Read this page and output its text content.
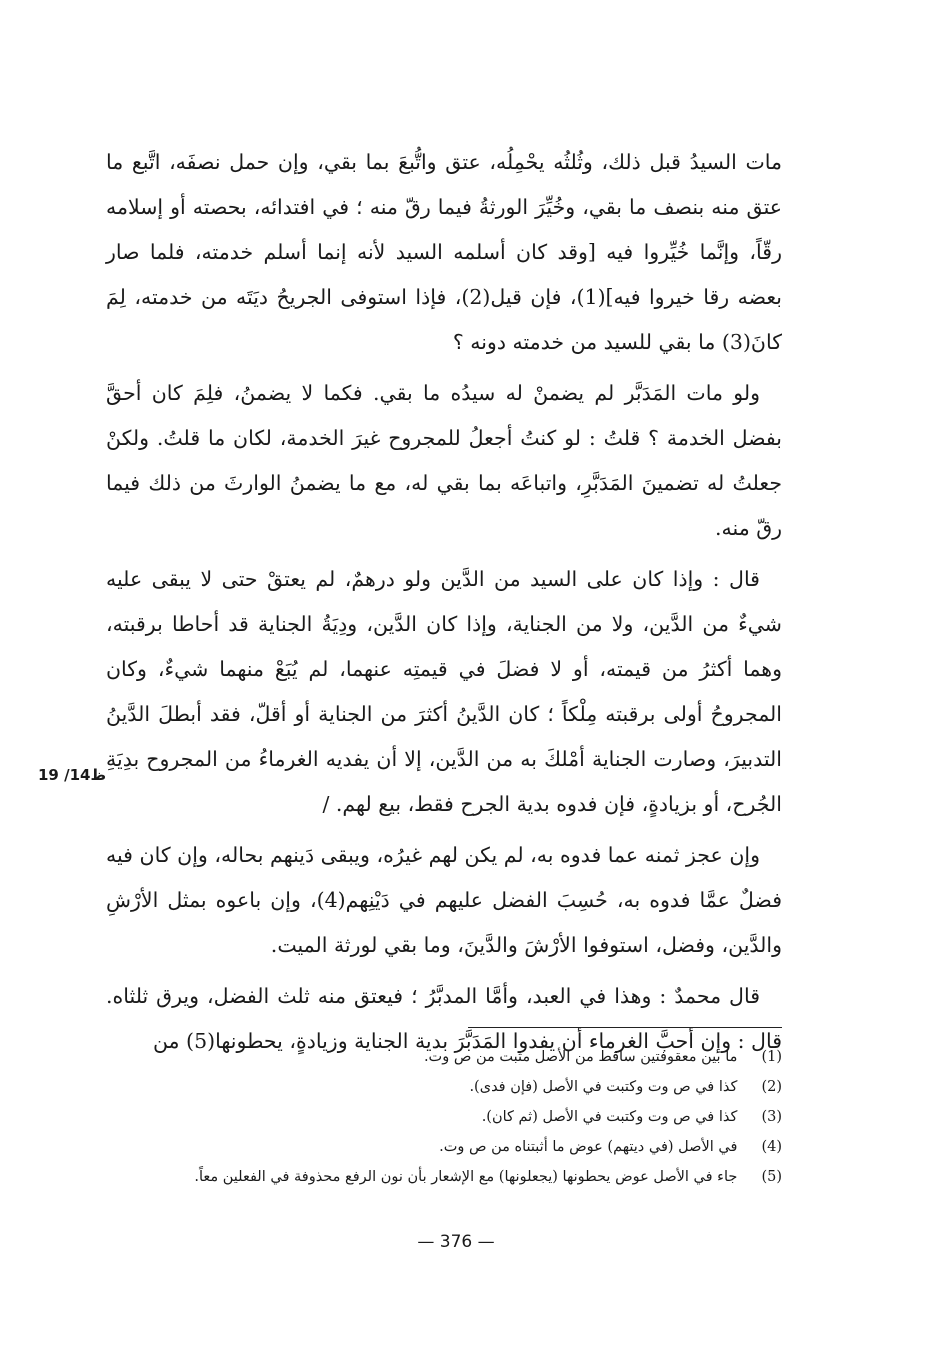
مات السيدُ قبل ذلك، وثُلثُه يحْمِلُه، عتق واتُّبعَ بما بقي، وإن حمل نصفَه، اتَّبع ما عتق منه بنصف ما بقي، وخُيِّرَ الورثةُ فيما رقّ منه ؛ في افتدائه، بحصته أو إسلامه رقّاً، وإنَّما خُيِّروا فيه [وقد كان أسلمه السيد لأنه إنما أسلم خدمته، فلما صار بعضه رقا خيروا فيه](1)، فإن قيل(2)، فإذا استوفى الجريحُ ديَتَه من خدمته، لِمَ كانَ(3) ما بقي للسيد من خدمته دونه ؟

ولو مات المَدَبَّر لم يضمنْ له سيدُه ما بقي. فكما لا يضمنُ، فلِمَ كان أحقَّ بفضل الخدمة ؟ قلتُ : لو كنتُ أجعلُ للمجروح غيرَ الخدمة، لكان ما قلتُ. ولكنْ جعلتُ له تضمينَ المَدَبَّرِ، واتباعَه بما بقي له، مع ما يضمنُ الوارثَ من ذلك فيما رقّ منه.

قال : وإذا كان على السيد من الدَّين ولو درهمٌ، لم يعتقْ حتى لا يبقى عليه شيءٌ من الدَّين، ولا من الجناية، وإذا كان الدَّين، ودِيَةُ الجناية قد أحاطا برقبته، وهما أكثرُ من قيمته، أو لا فضلَ في قيمتِه عنهما، لم يُبَعْ منهما شيءٌ، وكان المجروحُ أولى برقبته مِلْكاً ؛ كان الدَّينُ أكثرَ من الجناية أو أقلّ، فقد أبطلَ الدَّينُ التدبيرَ، وصارت الجناية أمْلكَ به من الدَّين، إلا أن يفديه الغرماءُ من المجروح بدِيَةِ الجُرح، أو بزيادةٍ، فإن فدوه بدية الجرح فقط، بيع لهم. /

وإن عجز ثمنه عما فدوه به، لم يكن لهم غيرُه، ويبقى دَينهم بحاله، وإن كان فيه فضلٌ عمَّا فدوه به، حُسِبَ الفضل عليهم في دَيْنِهم(4)، وإن باعوه بمثل الأرْشِ والدَّين، وفضل، استوفوا الأرْشَ والدَّينَ، وما بقي لورثة الميت.

قال محمدٌ : وهذا في العبد، وأمَّا المدبَّرُ ؛ فيعتق منه ثلث الفضل، ويرق ثلثاه. قال : وإن أحبَّ الغرماء أن يفدوا المَدَبَّرَ بدية الجناية وزيادةٍ، يحطونها(5) من

19 /14ظ
(1) ما بين معقوفتين ساقط من الأصل مثبت من ص وت.
(2) كذا في ص وت وكتبت في الأصل (فإن فدى).
(3) كذا في ص وت وكتبت في الأصل (ثم كان).
(4) في الأصل (في ديتهم) عوض ما أثبتناه من ص وت.
(5) جاء في الأصل عوض يحطونها (يجعلونها) مع الإشعار بأن نون الرفع محذوفة في الفعلين معاً.
— 376 —
